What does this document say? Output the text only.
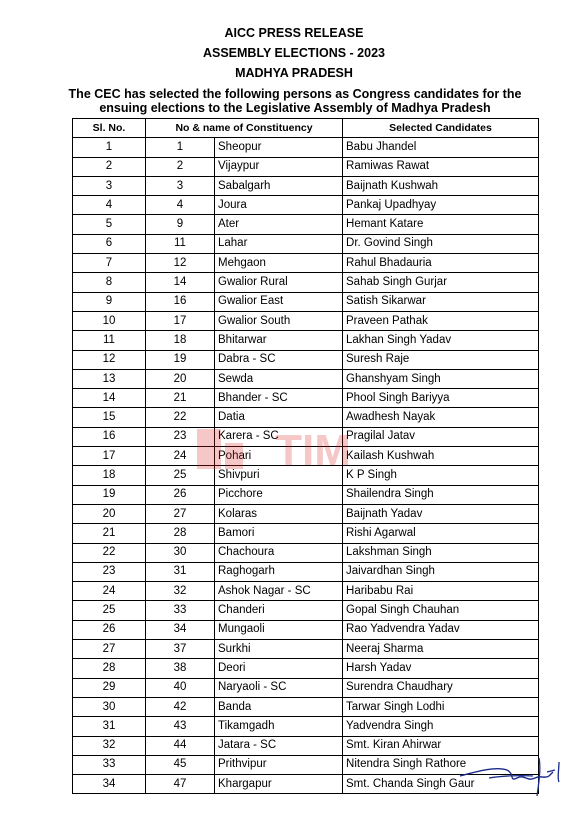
AICC PRESS RELEASE
ASSEMBLY ELECTIONS - 2023
MADHYA PRADESH
The CEC has selected the following persons as Congress candidates for the ensuing elections to the Legislative Assembly of Madhya Pradesh
Sl. No.	No & name of Constituency		Selected Candidates
1	1	Sheopur	Babu Jhandel
2	2	Vijaypur	Ramiwas Rawat
3	3	Sabalgarh	Baijnath Kushwah
4	4	Joura	Pankaj Upadhyay
5	9	Ater	Hemant Katare
6	11	Lahar	Dr. Govind Singh
7	12	Mehgaon	Rahul Bhadauria
8	14	Gwalior Rural	Sahab Singh Gurjar
9	16	Gwalior East	Satish Sikarwar
10	17	Gwalior South	Praveen Pathak
11	18	Bhitarwar	Lakhan Singh Yadav
12	19	Dabra - SC	Suresh Raje
13	20	Sewda	Ghanshyam Singh
14	21	Bhander - SC	Phool Singh Bariyya
15	22	Datia	Awadhesh Nayak
16	23	Karera - SC	Pragilal Jatav
17	24	Pohari	Kailash Kushwah
18	25	Shivpuri	K P Singh
19	26	Picchore	Shailendra Singh
20	27	Kolaras	Baijnath Yadav
21	28	Bamori	Rishi Agarwal
22	30	Chachoura	Lakshman Singh
23	31	Raghogarh	Jaivardhan Singh
24	32	Ashok Nagar - SC	Haribabu Rai
25	33	Chanderi	Gopal Singh Chauhan
26	34	Mungaoli	Rao Yadvendra Yadav
27	37	Surkhi	Neeraj Sharma
28	38	Deori	Harsh Yadav
29	40	Naryaoli - SC	Surendra Chaudhary
30	42	Banda	Tarwar Singh Lodhi
31	43	Tikamgadh	Yadvendra Singh
32	44	Jatara - SC	Smt. Kiran Ahirwar
33	45	Prithvipur	Nitendra Singh Rathore
34	47	Khargapur	Smt. Chanda Singh Gaur
TIM
